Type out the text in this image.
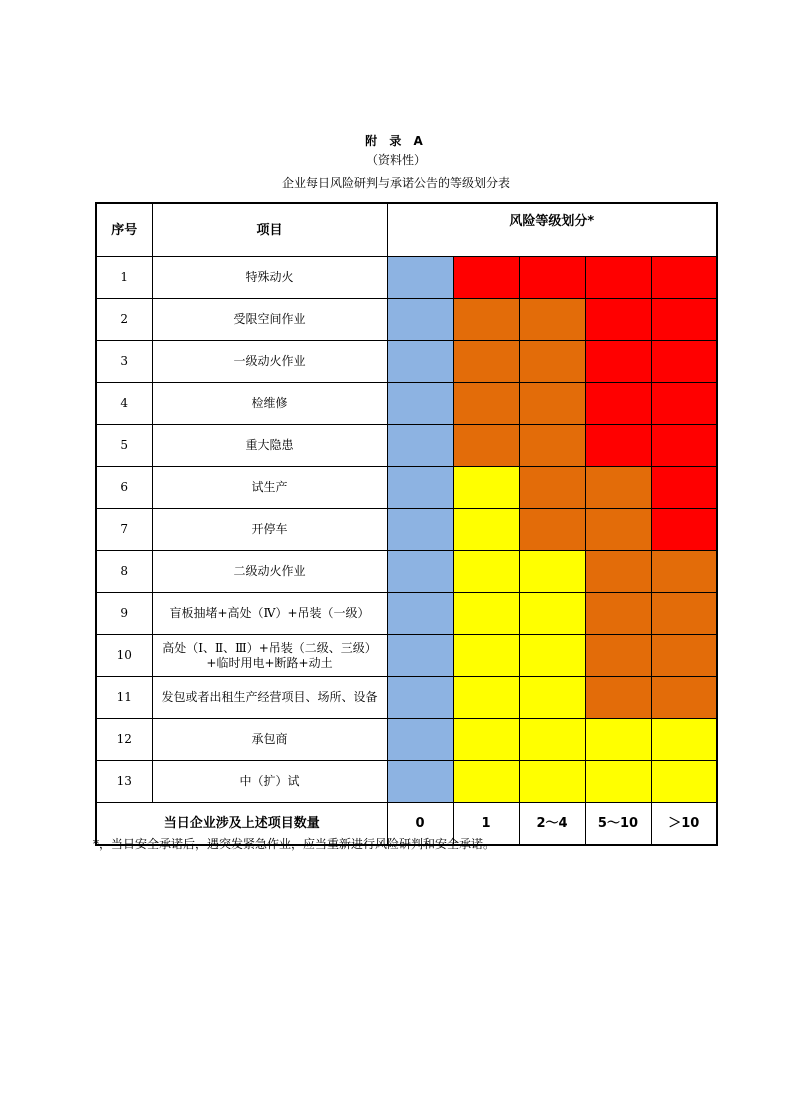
附 录 A
（资料性）
企业每日风险研判与承诺公告的等级划分表
序号	项目	风险等级划分*				
1	特殊动火					
2	受限空间作业					
3	一级动火作业					
4	检维修					
5	重大隐患					
6	试生产					
7	开停车					
8	二级动火作业					
9	盲板抽堵+高处（Ⅳ）+吊装（一级）					
10	高处（Ⅰ、Ⅱ、Ⅲ）+吊装（二级、三级）+临时用电+断路+动土					
11	发包或者出租生产经营项目、场所、设备					
12	承包商					
13	中（扩）试					
当日企业涉及上述项目数量		0	1	2～4	5～10	＞10
*，当日安全承诺后，遇突发紧急作业，应当重新进行风险研判和安全承诺。
